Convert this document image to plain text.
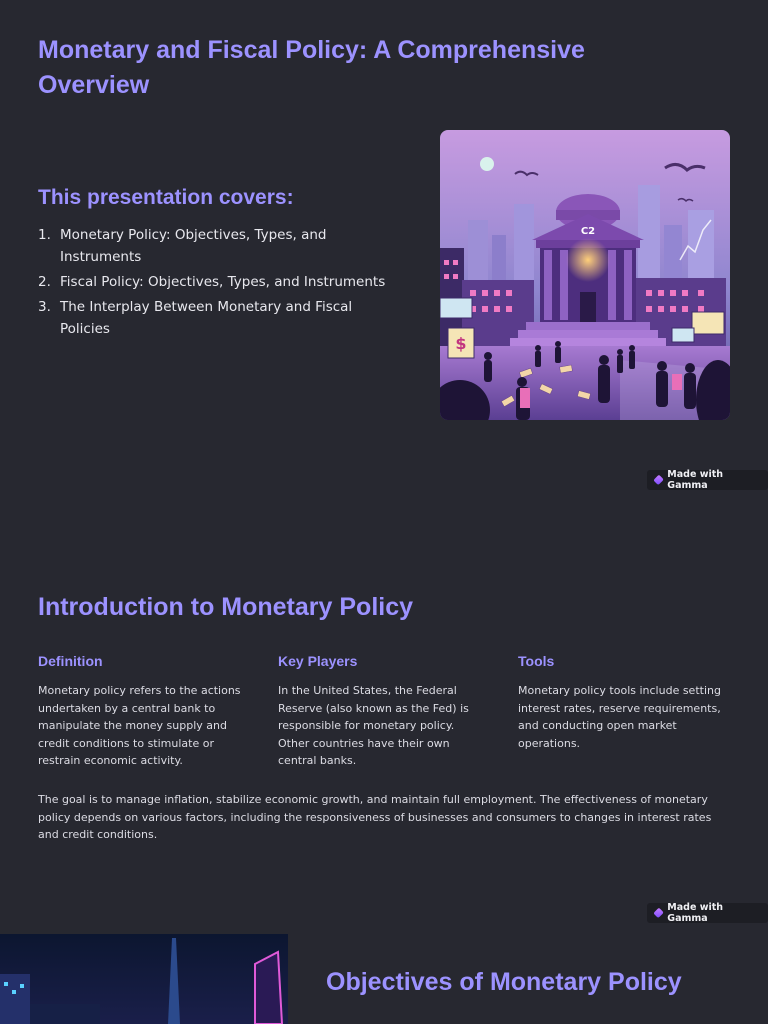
Monetary and Fiscal Policy: A Comprehensive Overview
This presentation covers:
1. Monetary Policy: Objectives, Types, and Instruments
2. Fiscal Policy: Objectives, Types, and Instruments
3. The Interplay Between Monetary and Fiscal Policies
C2
$
Made with Gamma
Introduction to Monetary Policy
Definition

Monetary policy refers to the actions undertaken by a central bank to manipulate the money supply and credit conditions to stimulate or restrain economic activity.

Key Players

In the United States, the Federal Reserve (also known as the Fed) is responsible for monetary policy. Other countries have their own central banks.

Tools

Monetary policy tools include setting interest rates, reserve requirements, and conducting open market operations.

The goal is to manage inflation, stabilize economic growth, and maintain full employment. The effectiveness of monetary policy depends on various factors, including the responsiveness of businesses and consumers to changes in interest rates and credit conditions.

Made with Gamma
Objectives of Monetary Policy
